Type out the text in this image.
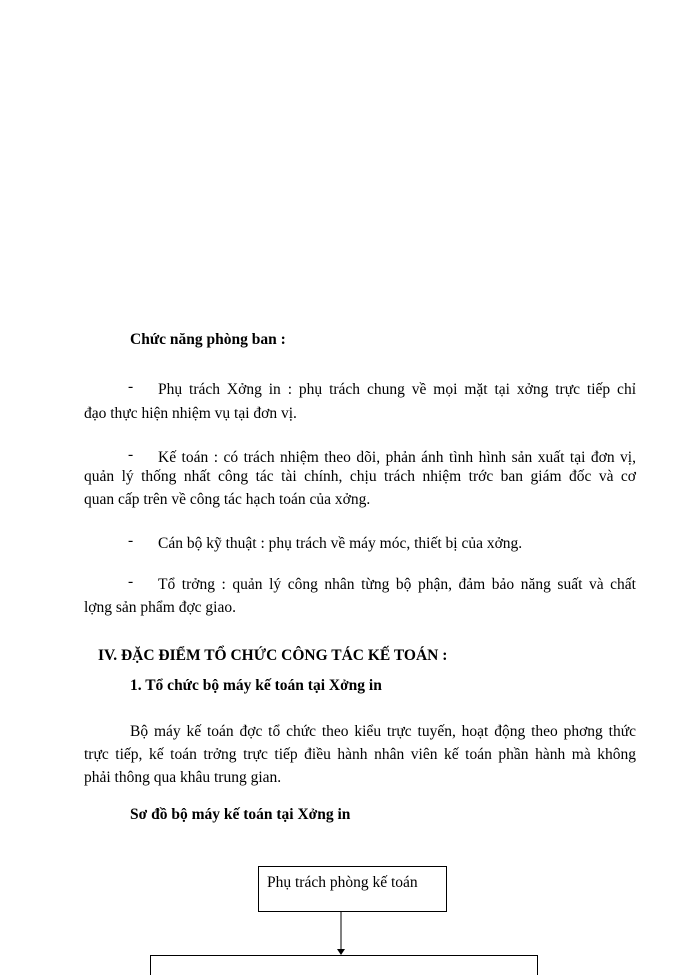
Chức năng phòng ban :
- Phụ trách Xởng in : phụ trách chung về mọi mặt tại xởng trực tiếp chỉ
đạo thực hiện nhiệm vụ tại đơn vị.
- Kế toán : có trách nhiệm theo dõi, phản ánh tình hình sản xuất tại đơn vị,
quản lý thống nhất công tác tài chính, chịu trách nhiệm trớc ban giám đốc và cơ
quan cấp trên về công tác hạch toán của xởng.
- Cán bộ kỹ thuật : phụ trách về máy móc, thiết bị của xởng.
- Tổ trởng : quản lý công nhân từng bộ phận, đảm bảo năng suất và chất
lợng sản phẩm đợc giao.
IV. ĐẶC ĐIỂM TỔ CHỨC CÔNG TÁC KẾ TOÁN :
1. Tổ chức bộ máy kế toán tại Xởng in
Bộ máy kế toán đợc tổ chức theo kiểu trực tuyến, hoạt động theo phơng thức
trực tiếp, kế toán trởng trực tiếp điều hành nhân viên kế toán phần hành mà không
phải thông qua khâu trung gian.
Sơ đồ bộ máy kế toán tại Xởng in
Phụ trách phòng kế toán
